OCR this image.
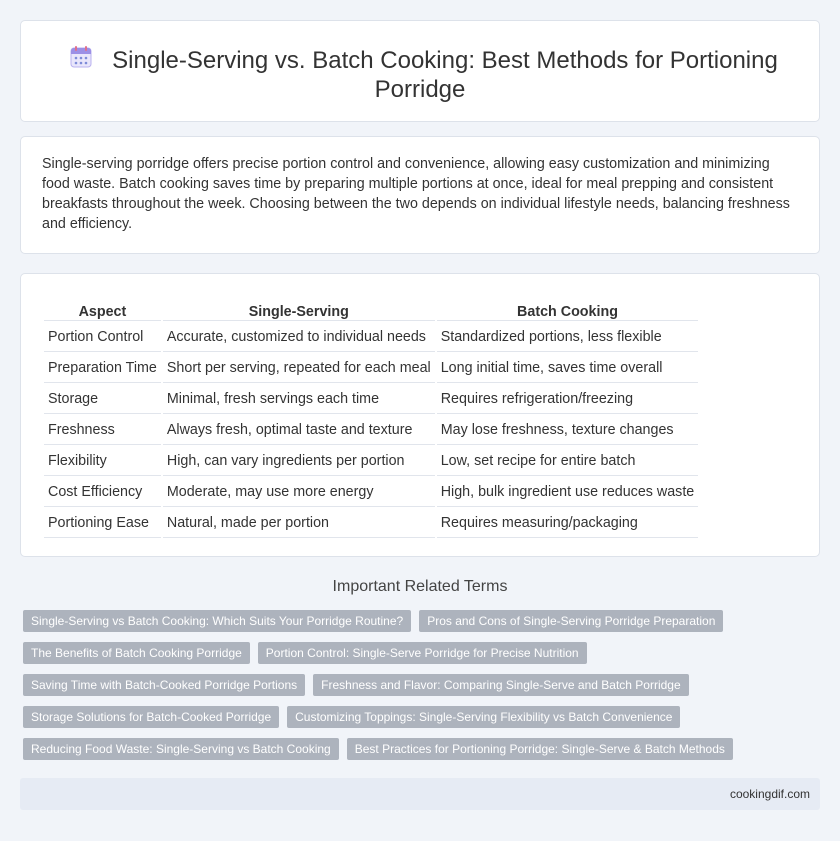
Single-Serving vs. Batch Cooking: Best Methods for Portioning
Porridge

Single-serving porridge offers precise portion control and convenience, allowing easy customization and minimizing food waste. Batch cooking saves time by preparing multiple portions at once, ideal for meal prepping and consistent breakfasts throughout the week. Choosing between the two depends on individual lifestyle needs, balancing freshness and efficiency.

Aspect	Single-Serving	Batch Cooking
Portion Control	Accurate, customized to individual needs	Standardized portions, less flexible
Preparation Time	Short per serving, repeated for each meal	Long initial time, saves time overall
Storage	Minimal, fresh servings each time	Requires refrigeration/freezing
Freshness	Always fresh, optimal taste and texture	May lose freshness, texture changes
Flexibility	High, can vary ingredients per portion	Low, set recipe for entire batch
Cost Efficiency	Moderate, may use more energy	High, bulk ingredient use reduces waste
Portioning Ease	Natural, made per portion	Requires measuring/packaging
Important Related Terms
Single-Serving vs Batch Cooking: Which Suits Your Porridge Routine?	Pros and Cons of Single-Serving Porridge Preparation
The Benefits of Batch Cooking Porridge	Portion Control: Single-Serve Porridge for Precise Nutrition
Saving Time with Batch-Cooked Porridge Portions	Freshness and Flavor: Comparing Single-Serve and Batch Porridge
Storage Solutions for Batch-Cooked Porridge	Customizing Toppings: Single-Serving Flexibility vs Batch Convenience
Reducing Food Waste: Single-Serving vs Batch Cooking	Best Practices for Portioning Porridge: Single-Serve & Batch Methods
cookingdif.com
